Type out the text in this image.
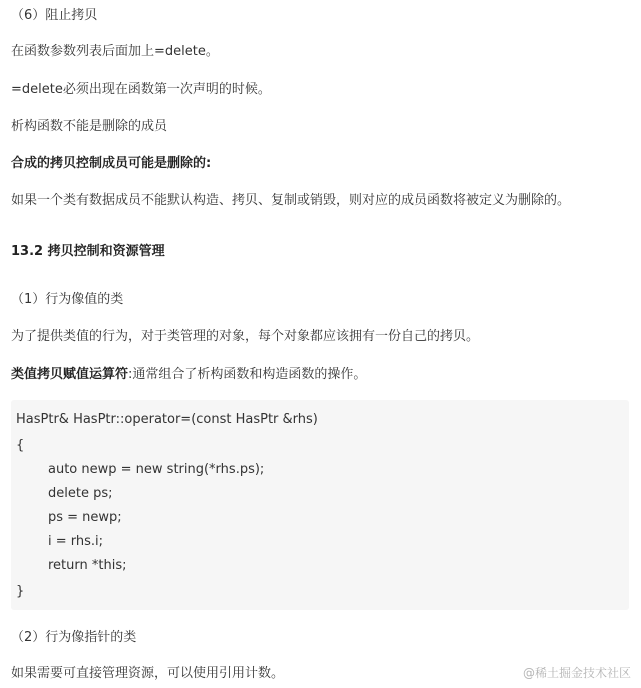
（6）阻止拷贝
在函数参数列表后面加上=delete。
=delete必须出现在函数第一次声明的时候。
析构函数不能是删除的成员
合成的拷贝控制成员可能是删除的:
如果一个类有数据成员不能默认构造、拷贝、复制或销毁，则对应的成员函数将被定义为删除的。
13.2 拷贝控制和资源管理
（1）行为像值的类
为了提供类值的行为，对于类管理的对象，每个对象都应该拥有一份自己的拷贝。
类值拷贝赋值运算符:通常组合了析构函数和构造函数的操作。
HasPtr& HasPtr::operator=(const HasPtr &rhs)
{
auto newp = new string(*rhs.ps);
delete ps;
ps = newp;
i = rhs.i;
return *this;
}
（2）行为像指针的类
如果需要可直接管理资源，可以使用引用计数。	@稀土掘金技术社区
